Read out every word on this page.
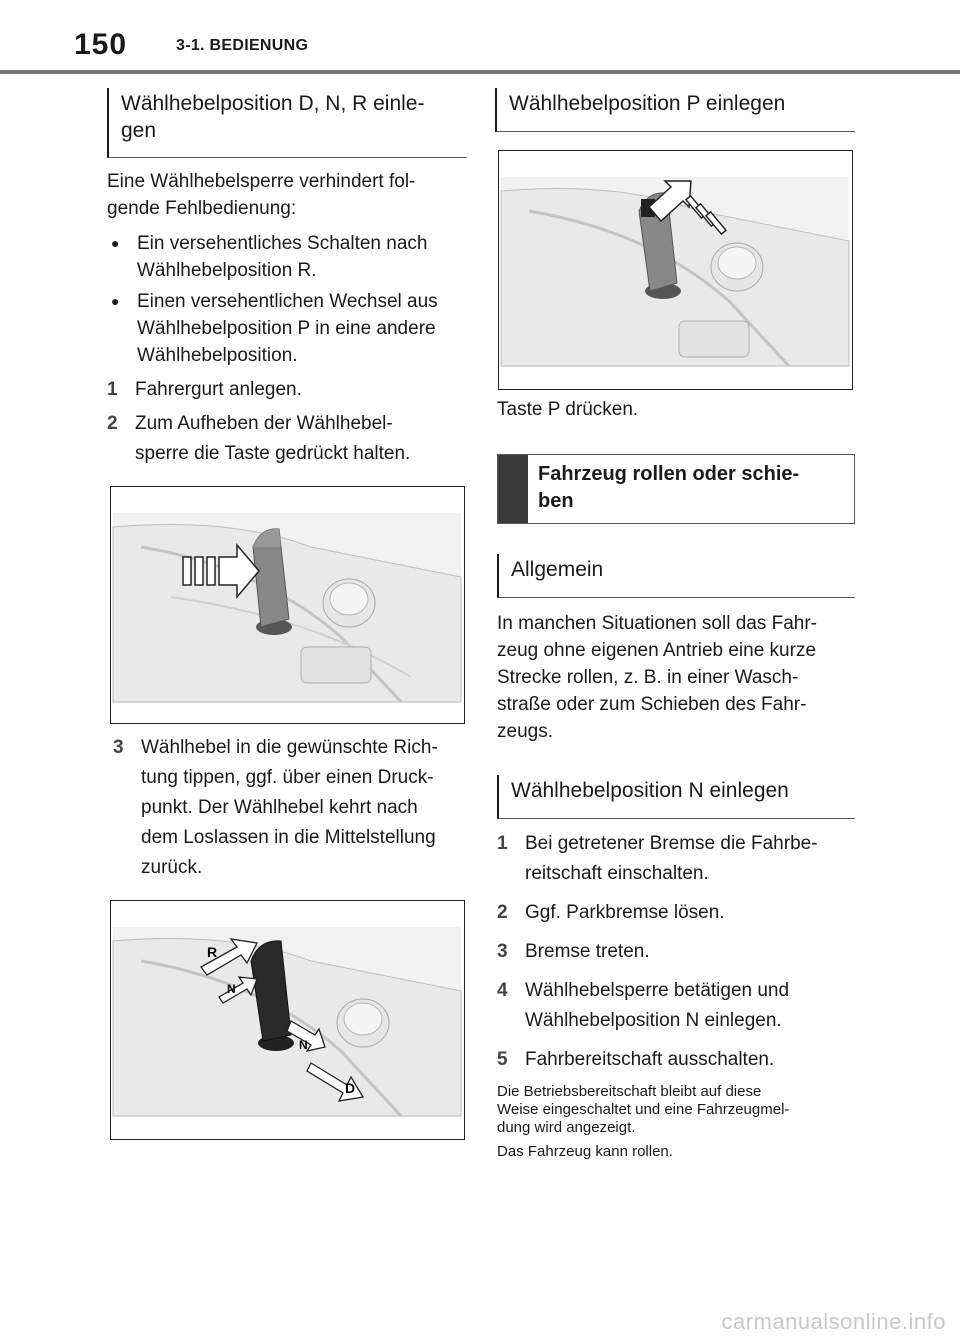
150	3-1. BEDIENUNG
Wählhebelposition D, N, R einle-
gen

Eine Wählhebelsperre verhindert fol-
gende Fehlbedienung:

● Ein versehentliches Schalten nach
Wählhebelposition R.
● Einen versehentlichen Wechsel aus
Wählhebelposition P in eine andere
Wählhebelposition.
1 Fahrergurt anlegen.
2 Zum Aufheben der Wählhebel-
sperre die Taste gedrückt halten.
3 Wählhebel in die gewünschte Rich-
tung tippen, ggf. über einen Druck-
punkt. Der Wählhebel kehrt nach
dem Loslassen in die Mittelstellung
zurück.
R
N
N
D
Wählhebelposition P einlegen

Taste P drücken.

Fahrzeug rollen oder schie-
ben
Allgemein

In manchen Situationen soll das Fahr-
zeug ohne eigenen Antrieb eine kurze
Strecke rollen, z. B. in einer Wasch-
straße oder zum Schieben des Fahr-
zeugs.

Wählhebelposition N einlegen
1 Bei getretener Bremse die Fahrbe-
reitschaft einschalten.
2 Ggf. Parkbremse lösen.
3 Bremse treten.
4 Wählhebelsperre betätigen und
Wählhebelposition N einlegen.
5 Fahrbereitschaft ausschalten.

Die Betriebsbereitschaft bleibt auf diese
Weise eingeschaltet und eine Fahrzeugmel-
dung wird angezeigt.

Das Fahrzeug kann rollen.

carmanualsonline.info
